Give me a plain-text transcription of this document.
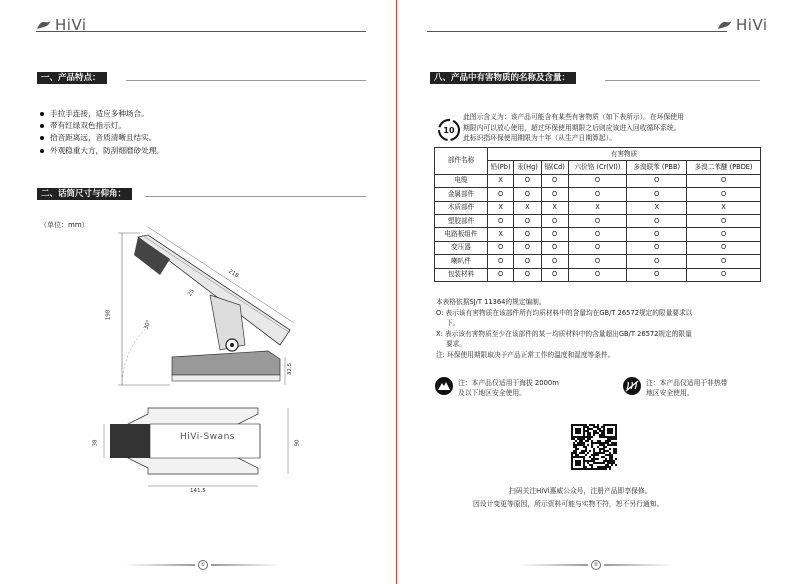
HiVi
一、产品特点：
手拉手连接，适应多种场合。
带有红绿双色指示灯。
拾音距离远，音质清晰且结实。
外观稳重大方，防刮细磨砂处理。
二、话筒尺寸与仰角：
（单位：mm）
198
30°
218
25
32.5
HiVi-Swans
38	90
141.5
①
HiVi
八、产品中有害物质的名称及含量：
10
此图示含义为：该产品可能含有某些有害物质（如下表所示）。在环保使用
期限内可以放心使用，超过环保使用期限之后则应该进入回收循环系统。
此标识指环保使用期限为十年（从生产日期算起）。
部件名称	有害物质					
	铅(Pb)	汞(Hg)	镉(Cd)	六价铬 (Cr(VI))	多溴联苯 (PBB)	多溴二苯醚 (PBDE)
电缆	X	O	O	O	O	O
金属部件	O	O	O	O	O	O
木质部件	X	X	X	X	X	X
塑胶部件	O	O	O	O	O	O
电路板组件	X	O	O	O	O	O
变压器	O	O	O	O	O	O
喇叭件	O	O	O	O	O	O
包装材料	O	O	O	O	O	O

本表格依据SJ/T 11364的规定编制。

O: 表示该有害物质在该部件所有均质材料中的含量均在GB/T 26572规定的限量要求以

下。

X: 表示该有害物质至少在该部件的某一均质材料中的含量超出GB/T 26572规定的限量

要求。

注: 环保使用期限取决于产品正常工作的温度和湿度等条件。

注：本产品仅适用于海拔 2000m
及以下地区安全使用。
注：本产品仅适用于非热带
地区安全使用。
扫码关注HiVi惠威公众号，注册产品即享保修。
因设计变更等原因，所示资料可能与实物不符，恕不另行通知。
②
